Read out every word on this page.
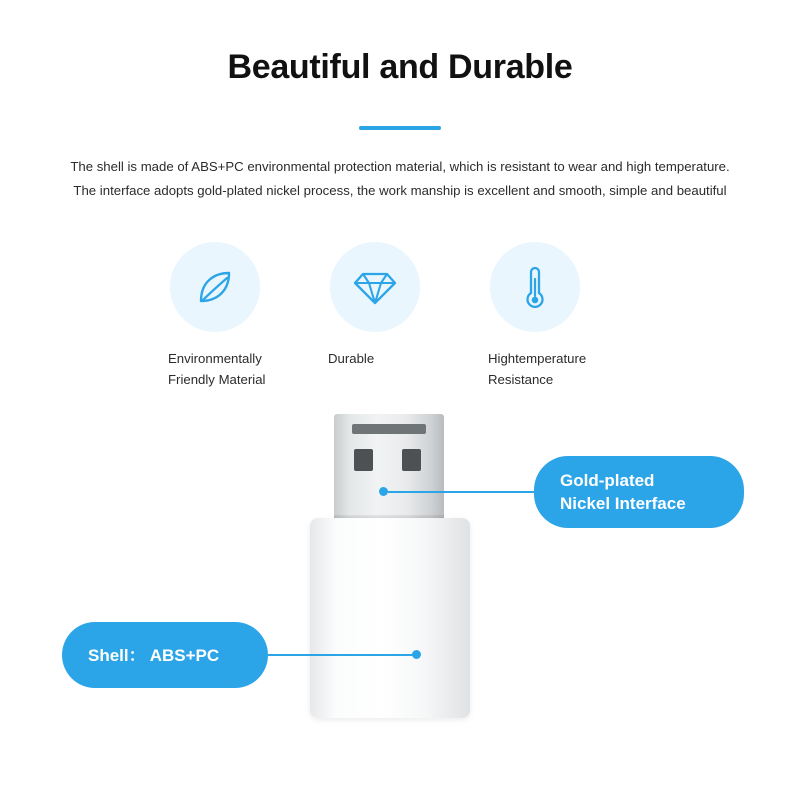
Beautiful and Durable
The shell is made of ABS+PC environmental protection material, which is resistant to wear and high temperature.
The interface adopts gold-plated nickel process, the work manship is excellent and smooth, simple and beautiful
Environmentally
Friendly Material
Durable	Hightemperature
Resistance
Gold-plated
Nickel Interface
Shell： ABS+PC
